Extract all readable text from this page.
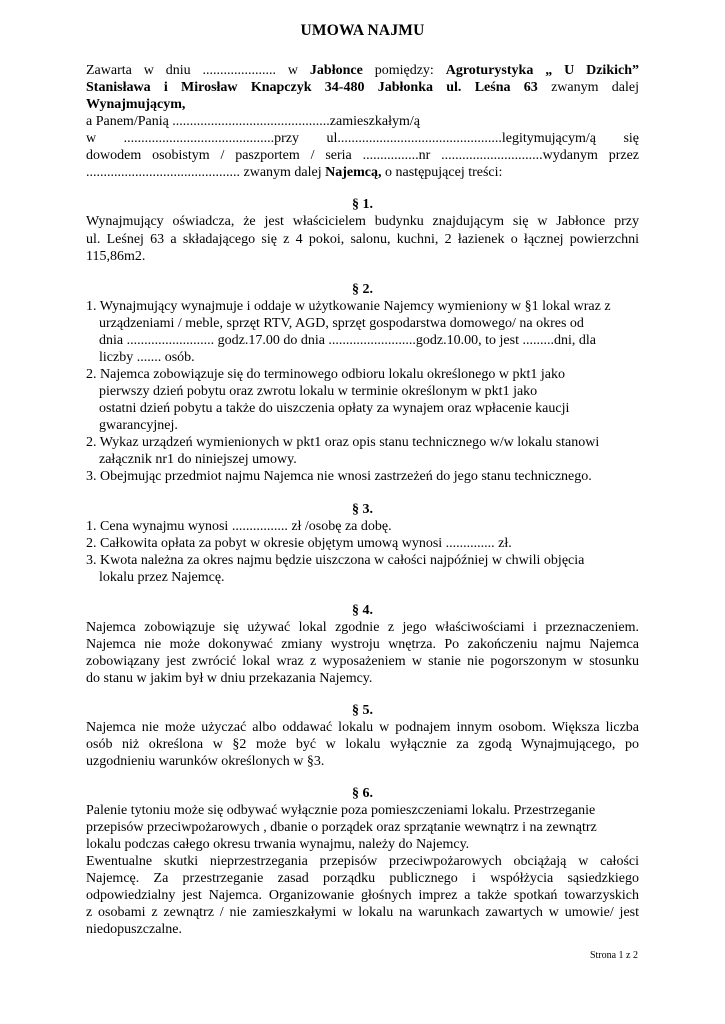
UMOWA NAJMU
Zawarta w dniu ..................... w Jabłonce pomiędzy: Agroturystyka „ U Dzikich”
Stanisława i Mirosław Knapczyk 34-480 Jabłonka ul. Leśna 63 zwanym dalej
Wynajmującym,
a Panem/Panią .............................................zamieszkałym/ą
w ...........................................przy ul...............................................legitymującym/ą się
dowodem osobistym / paszportem / seria ................nr .............................wydanym przez
............................................ zwanym dalej Najemcą, o następującej treści:
§ 1.
Wynajmujący oświadcza, że jest właścicielem budynku znajdującym się w Jabłonce przy
ul. Leśnej 63 a składającego się z 4 pokoi, salonu, kuchni, 2 łazienek o łącznej powierzchni
115,86m2.
§ 2.
1. Wynajmujący wynajmuje i oddaje w użytkowanie Najemcy wymieniony w §1 lokal wraz z
urządzeniami / meble, sprzęt RTV, AGD, sprzęt gospodarstwa domowego/ na okres od
dnia ......................... godz.17.00 do dnia .........................godz.10.00, to jest .........dni, dla
liczby ....... osób.
2. Najemca zobowiązuje się do terminowego odbioru lokalu określonego w pkt1 jako
pierwszy dzień pobytu oraz zwrotu lokalu w terminie określonym w pkt1 jako
ostatni dzień pobytu a także do uiszczenia opłaty za wynajem oraz wpłacenie kaucji
gwarancyjnej.
2. Wykaz urządzeń wymienionych w pkt1 oraz opis stanu technicznego w/w lokalu stanowi
załącznik nr1 do niniejszej umowy.
3. Obejmując przedmiot najmu Najemca nie wnosi zastrzeżeń do jego stanu technicznego.
§ 3.
1. Cena wynajmu wynosi ................ zł /osobę za dobę.
2. Całkowita opłata za pobyt w okresie objętym umową wynosi .............. zł.
3. Kwota należna za okres najmu będzie uiszczona w całości najpóźniej w chwili objęcia
lokalu przez Najemcę.
§ 4.
Najemca zobowiązuje się używać lokal zgodnie z jego właściwościami i przeznaczeniem.
Najemca nie może dokonywać zmiany wystroju wnętrza. Po zakończeniu najmu Najemca
zobowiązany jest zwrócić lokal wraz z wyposażeniem w stanie nie pogorszonym w stosunku
do stanu w jakim był w dniu przekazania Najemcy.
§ 5.
Najemca nie może użyczać albo oddawać lokalu w podnajem innym osobom. Większa liczba
osób niż określona w §2 może być w lokalu wyłącznie za zgodą Wynajmującego, po
uzgodnieniu warunków określonych w §3.
§ 6.
Palenie tytoniu może się odbywać wyłącznie poza pomieszczeniami lokalu. Przestrzeganie
przepisów przeciwpożarowych , dbanie o porządek oraz sprzątanie wewnątrz i na zewnątrz
lokalu podczas całego okresu trwania wynajmu, należy do Najemcy.
Ewentualne skutki nieprzestrzegania przepisów przeciwpożarowych obciążają w całości
Najemcę. Za przestrzeganie zasad porządku publicznego i współżycia sąsiedzkiego
odpowiedzialny jest Najemca. Organizowanie głośnych imprez a także spotkań towarzyskich
z osobami z zewnątrz / nie zamieszkałymi w lokalu na warunkach zawartych w umowie/ jest
niedopuszczalne.
Strona 1 z 2
